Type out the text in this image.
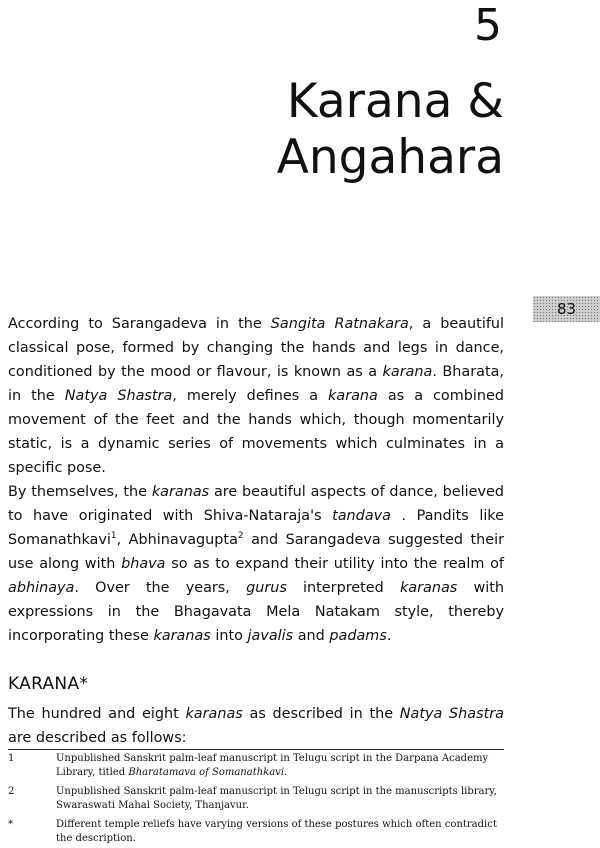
5
Karana &
Angahara
83

According to Sarangadeva in the Sangita Ratnakara, a beautiful classical pose, formed by changing the hands and legs in dance, conditioned by the mood or flavour, is known as a karana. Bharata, in the Natya Shastra, merely defines a karana as a combined movement of the feet and the hands which, though momentarily static, is a dynamic series of movements which culminates in a specific pose.

By themselves, the karanas are beautiful aspects of dance, believed to have originated with Shiva-Nataraja's tandava . Pandits like Somanathkavi$^1$, Abhinavagupta$^2$ and Sarangadeva suggested their use along with bhava so as to expand their utility into the realm of abhinaya. Over the years, gurus interpreted karanas with expressions in the Bhagavata Mela Natakam style, thereby incorporating these karanas into javalis and padams.

KARANA*

The hundred and eight karanas as described in the Natya Shastra are described as follows:

1	Unpublished Sanskrit palm-leaf manuscript in Telugu script in the Darpana Academy Library, titled Bharatamava of Somanathkavi.
2	Unpublished Sanskrit palm-leaf manuscript in Telugu script in the manuscripts library, Swaraswati Mahal Society, Thanjavur.
*	Different temple reliefs have varying versions of these postures which often contradict the description.
